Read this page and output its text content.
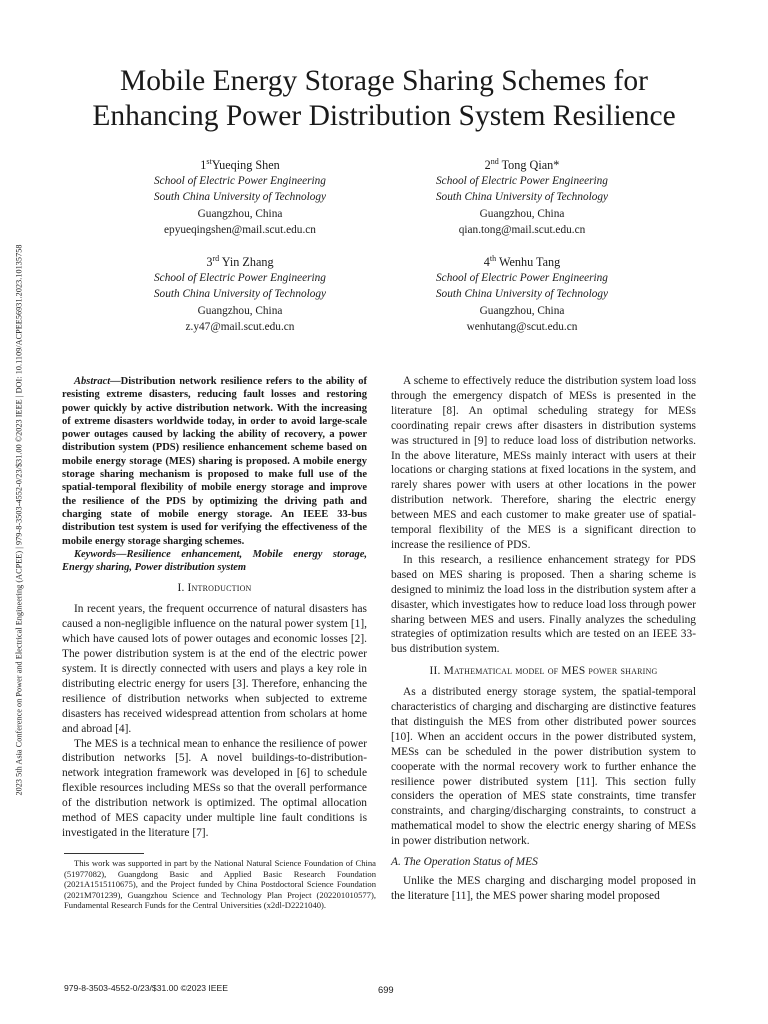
2023 5th Asia Conference on Power and Electrical Engineering (ACPEE) | 979-8-3503-4552-0/23/$31.00 ©2023 IEEE | DOI: 10.1109/ACPEE56931.2023.10135758
Mobile Energy Storage Sharing Schemes for
Enhancing Power Distribution System Resilience
1stYueqing Shen
School of Electric Power Engineering
South China University of Technology
Guangzhou, China
epyueqingshen@mail.scut.edu.cn
2nd Tong Qian*
School of Electric Power Engineering
South China University of Technology
Guangzhou, China
qian.tong@mail.scut.edu.cn
3rd Yin Zhang
School of Electric Power Engineering
South China University of Technology
Guangzhou, China
z.y47@mail.scut.edu.cn
4th Wenhu Tang
School of Electric Power Engineering
South China University of Technology
Guangzhou, China
wenhutang@scut.edu.cn

Abstract—Distribution network resilience refers to the ability of resisting extreme disasters, reducing fault losses and restoring power quickly by active distribution network. With the increasing of extreme disasters worldwide today, in order to avoid large-scale power outages caused by lacking the ability of recovery, a power distribution system (PDS) resilience enhancement scheme based on mobile energy storage (MES) sharing is proposed. A mobile energy storage sharing mechanism is proposed to make full use of the spatial-temporal flexibility of mobile energy storage and improve the resilience of the PDS by optimizing the driving path and charging state of mobile energy storage. An IEEE 33-bus distribution test system is used for verifying the effectiveness of the mobile energy storage sharging schemes.

Keywords—Resilience enhancement, Mobile energy storage, Energy sharing, Power distribution system

I. Introduction

In recent years, the frequent occurrence of natural disasters has caused a non-negligible influence on the natural power system [1], which have caused lots of power outages and economic losses [2]. The power distribution system is at the end of the electric power system. It is directly connected with users and plays a key role in distributing electric energy for users [3]. Therefore, enhancing the resilience of distribution networks when subjected to extreme disasters has received widespread attention from scholars at home and abroad [4].

The MES is a technical mean to enhance the resilience of power distribution networks [5]. A novel buildings-to-distribution-network integration framework was developed in [6] to schedule flexible resources including MESs so that the overall performance of the distribution network is optimized. The optimal allocation method of MES capacity under multiple line fault conditions is investigated in the literature [7].

This work was supported in part by the National Natural Science Foundation of China (51977082), Guangdong Basic and Applied Basic Research Foundation (2021A1515110675), and the Project funded by China Postdoctoral Science Foundation (2021M701239), Guangzhou Science and Technology Plan Project (202201010577), Fundamental Research Funds for the Central Universities (x2dl-D2221040).

A scheme to effectively reduce the distribution system load loss through the emergency dispatch of MESs is presented in the literature [8]. An optimal scheduling strategy for MESs coordinating repair crews after disasters in distribution systems was structured in [9] to reduce load loss of distribution networks. In the above literature, MESs mainly interact with users at their locations or charging stations at fixed locations in the system, and rarely shares power with users at other locations in the power distribution network. Therefore, sharing the electric energy between MES and each customer to make greater use of spatial-temporal flexibility of the MES is a significant direction to increase the resilience of PDS.

In this research, a resilience enhancement strategy for PDS based on MES sharing is proposed. Then a sharing scheme is designed to minimiz the load loss in the distribution system after a disaster, which investigates how to reduce load loss through power sharing between MES and users. Finally analyzes the scheduling strategies of optimization results which are tested on an IEEE 33-bus distribution system.

II. Mathematical model of MES power sharing

As a distributed energy storage system, the spatial-temporal characteristics of charging and discharging are distinctive features that distinguish the MES from other distributed power sources [10]. When an accident occurs in the power distributed system, MESs can be scheduled in the power distribution system to cooperate with the normal recovery work to further enhance the resilience power distributed system [11]. This section fully considers the operation of MES state constraints, time transfer constraints, and charging/discharging constraints, to construct a mathematical model to show the electric energy sharing of MESs in power distribution network.

A. The Operation Status of MES

Unlike the MES charging and discharging model proposed in the literature [11], the MES power sharing model proposed

979-8-3503-4552-0/23/$31.00 ©2023 IEEE	699
